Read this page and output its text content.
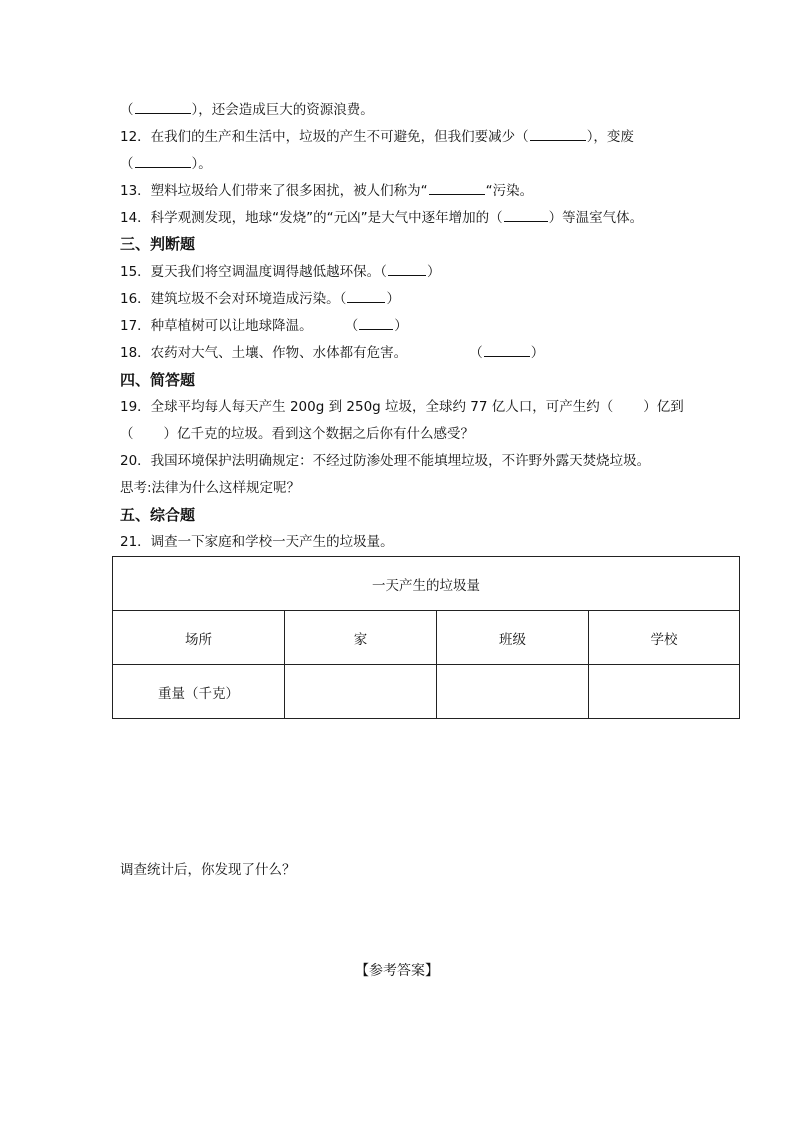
（	），还会造成巨大的资源浪费。
12．在我们的生产和生活中，垃圾的产生不可避免，但我们要减少（	），变废
（	）。
13．塑料垃圾给人们带来了很多困扰，被人们称为“	“污染。
14．科学观测发现，地球“发烧”的“元凶”是大气中逐年增加的（	）等温室气体。
三、判断题
15．夏天我们将空调温度调得越低越环保。（	）
16．建筑垃圾不会对环境造成污染。（	）
17．种草植树可以让地球降温。 （	）
18．农药对大气、土壤、作物、水体都有危害。	（	）
四、简答题
19．全球平均每人每天产生 200g 到 250g 垃圾，全球约 77 亿人口，可产生约（ ）亿到
（ ）亿千克的垃圾。看到这个数据之后你有什么感受？
20．我国环境保护法明确规定：不经过防渗处理不能填埋垃圾，不许野外露天焚烧垃圾。
思考:法律为什么这样规定呢？
五、综合题
21．调查一下家庭和学校一天产生的垃圾量。
一天产生的垃圾量			
场所	家	班级	学校
重量（千克）			
调查统计后，你发现了什么？
【参考答案】
